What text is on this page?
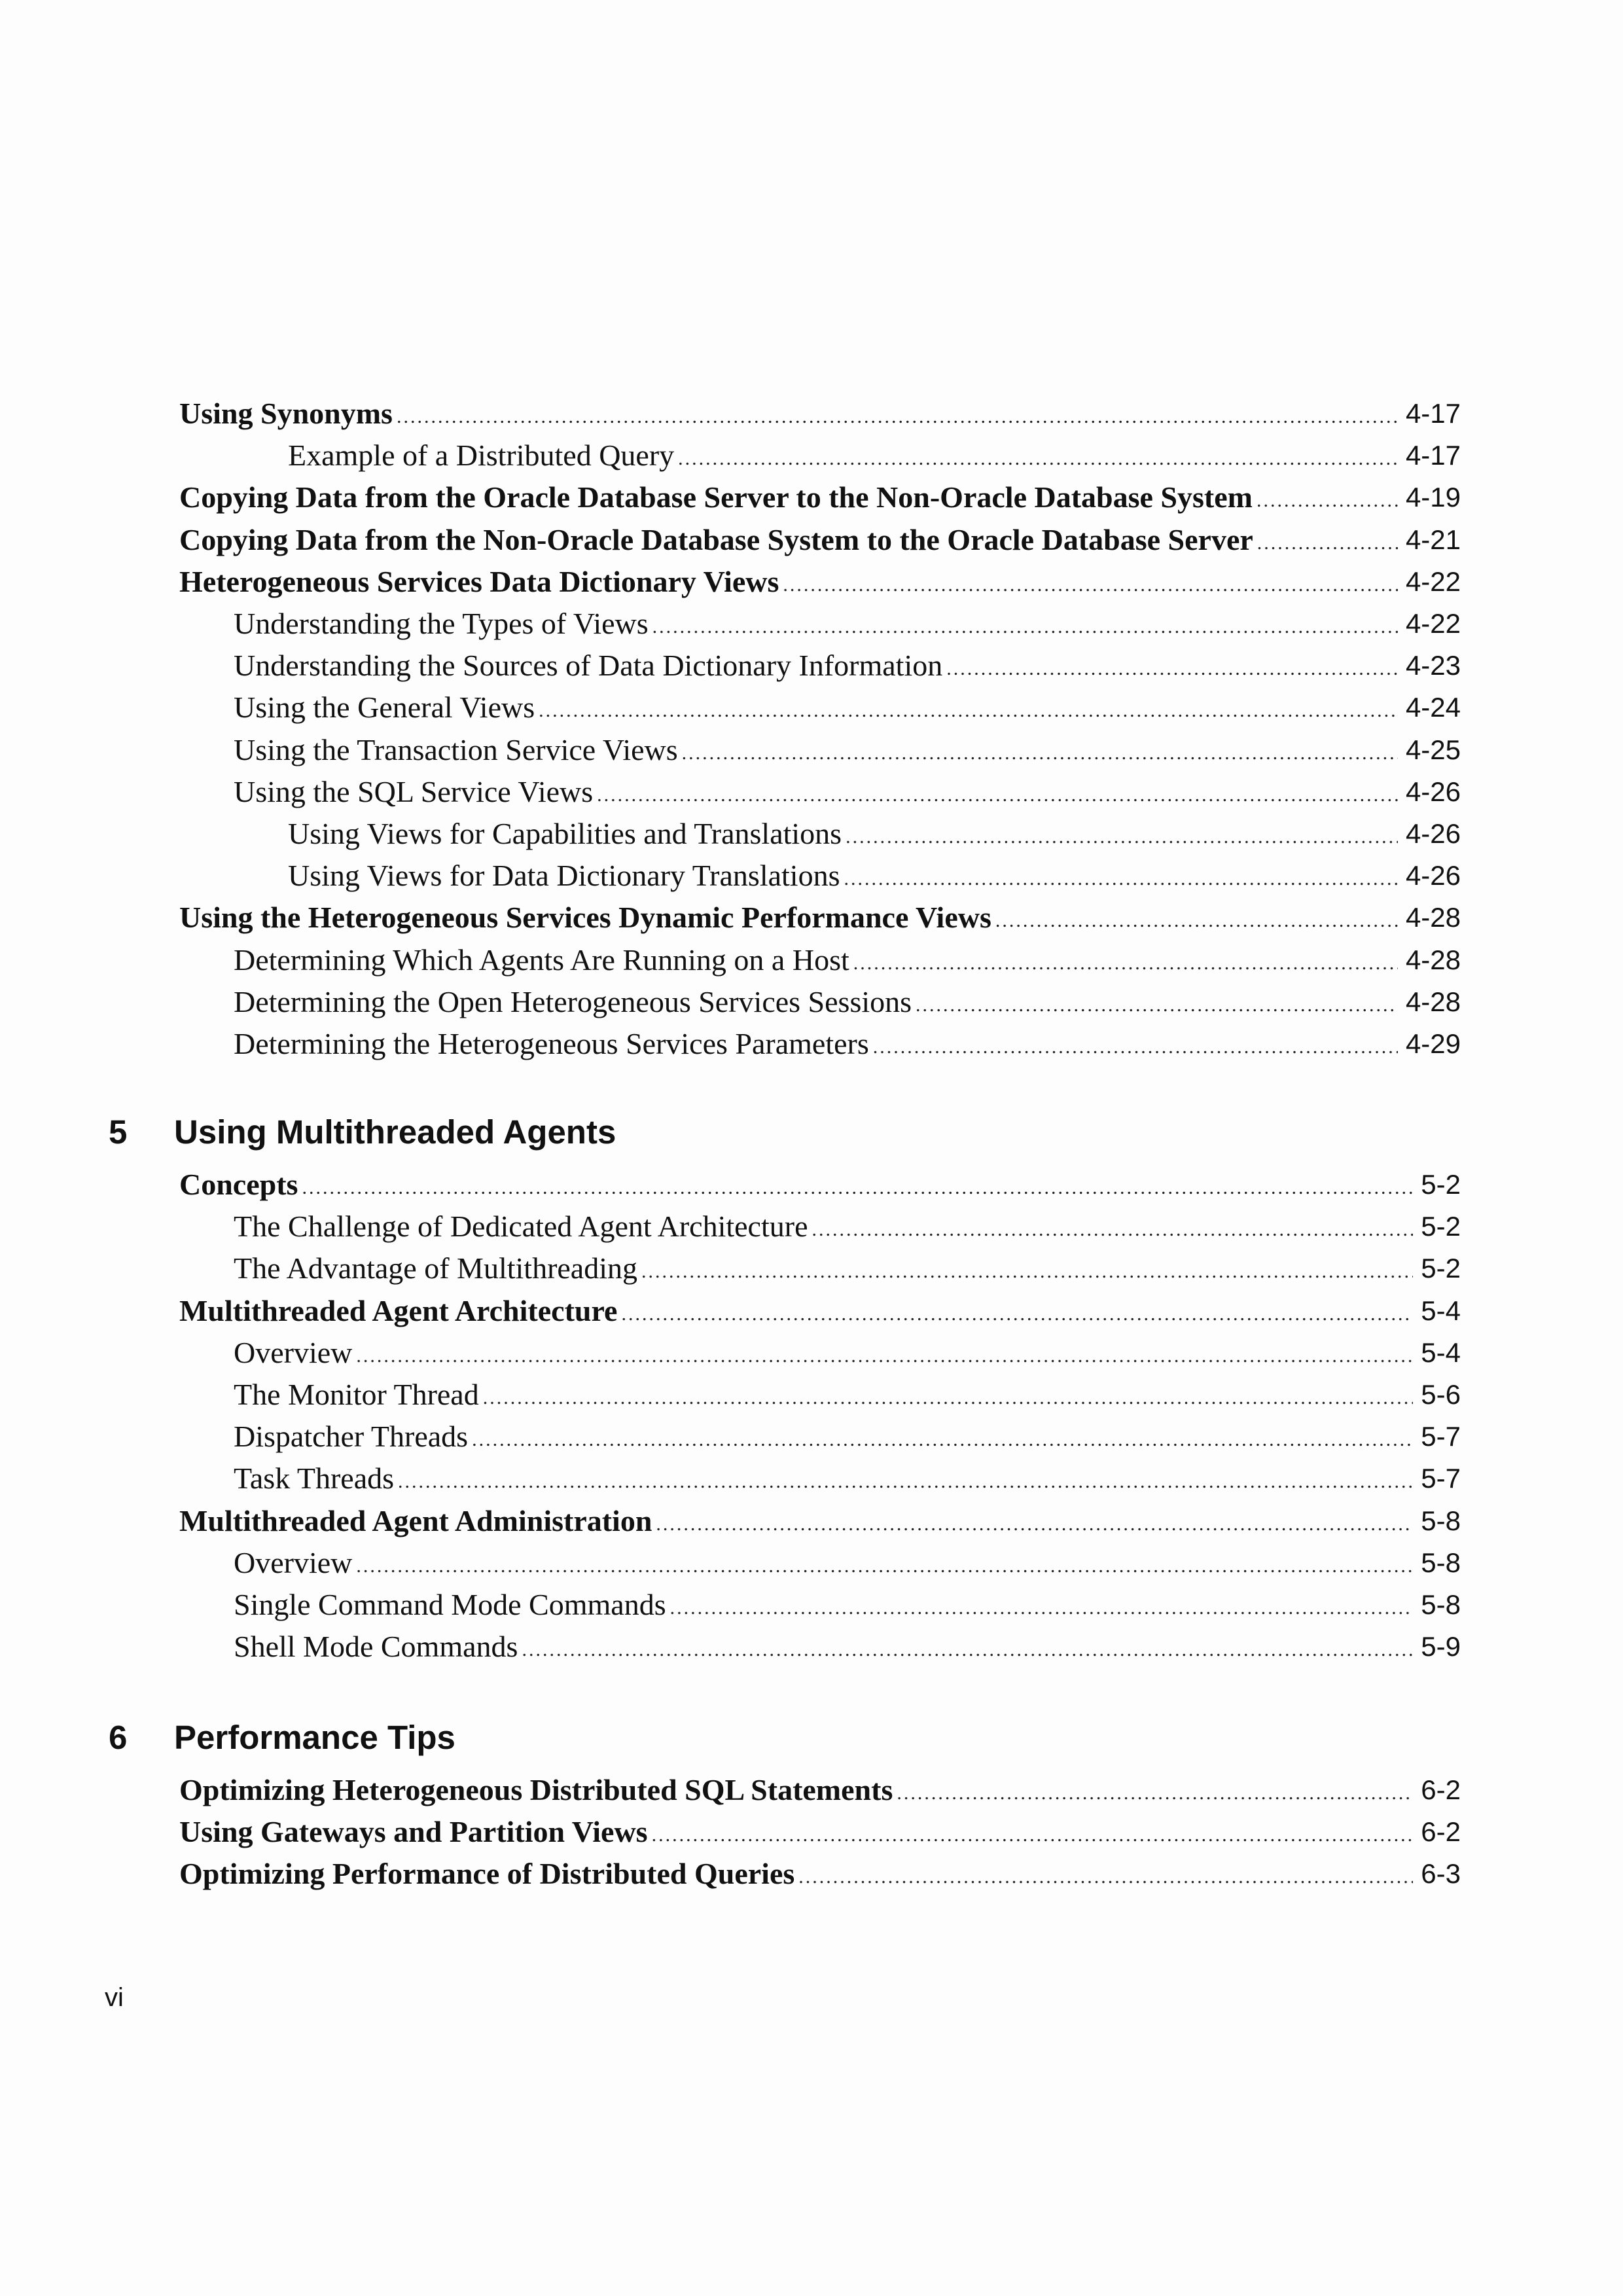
Using Synonyms .....	4-17
Example of a Distributed Query .....	4-17
Copying Data from the Oracle Database Server to the Non-Oracle Database System .....	4-19
Copying Data from the Non-Oracle Database System to the Oracle Database Server .....	4-21
Heterogeneous Services Data Dictionary Views .....	4-22
Understanding the Types of Views .....	4-22
Understanding the Sources of Data Dictionary Information .....	4-23
Using the General Views .....	4-24
Using the Transaction Service Views .....	4-25
Using the SQL Service Views .....	4-26
Using Views for Capabilities and Translations .....	4-26
Using Views for Data Dictionary Translations .....	4-26
Using the Heterogeneous Services Dynamic Performance Views .....	4-28
Determining Which Agents Are Running on a Host .....	4-28
Determining the Open Heterogeneous Services Sessions .....	4-28
Determining the Heterogeneous Services Parameters .....	4-29
5 Using Multithreaded Agents
Concepts .....	5-2
The Challenge of Dedicated Agent Architecture .....	5-2
The Advantage of Multithreading .....	5-2
Multithreaded Agent Architecture .....	5-4
Overview .....	5-4
The Monitor Thread .....	5-6
Dispatcher Threads .....	5-7
Task Threads .....	5-7
Multithreaded Agent Administration .....	5-8
Overview .....	5-8
Single Command Mode Commands .....	5-8
Shell Mode Commands .....	5-9
6 Performance Tips
Optimizing Heterogeneous Distributed SQL Statements .....	6-2
Using Gateways and Partition Views .....	6-2
Optimizing Performance of Distributed Queries .....	6-3
vi
